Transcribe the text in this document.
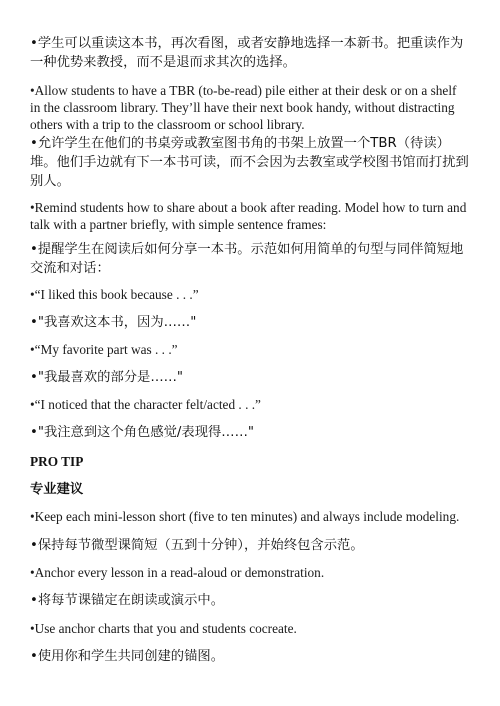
•学生可以重读这本书，再次看图，或者安静地选择一本新书。把重读作为一种优势来教授，而不是退而求其次的选择。

•Allow students to have a TBR (to-be-read) pile either at their desk or on a shelf in the classroom library. They’ll have their next book handy, without distracting others with a trip to the classroom or school library.

•允许学生在他们的书桌旁或教室图书角的书架上放置一个TBR（待读）堆。他们手边就有下一本书可读，而不会因为去教室或学校图书馆而打扰到别人。

•Remind students how to share about a book after reading. Model how to turn and talk with a partner briefly, with simple sentence frames:

•提醒学生在阅读后如何分享一本书。示范如何用简单的句型与同伴简短地交流和对话：

•“I liked this book because . . .”

•"我喜欢这本书，因为……"

•“My favorite part was . . .”

•"我最喜欢的部分是……"

•“I noticed that the character felt/acted . . .”

•"我注意到这个角色感觉/表现得……"

PRO TIP

专业建议

•Keep each mini-lesson short (five to ten minutes) and always include modeling.

•保持每节微型课简短（五到十分钟），并始终包含示范。

•Anchor every lesson in a read-aloud or demonstration.

•将每节课锚定在朗读或演示中。

•Use anchor charts that you and students cocreate.

•使用你和学生共同创建的锚图。
